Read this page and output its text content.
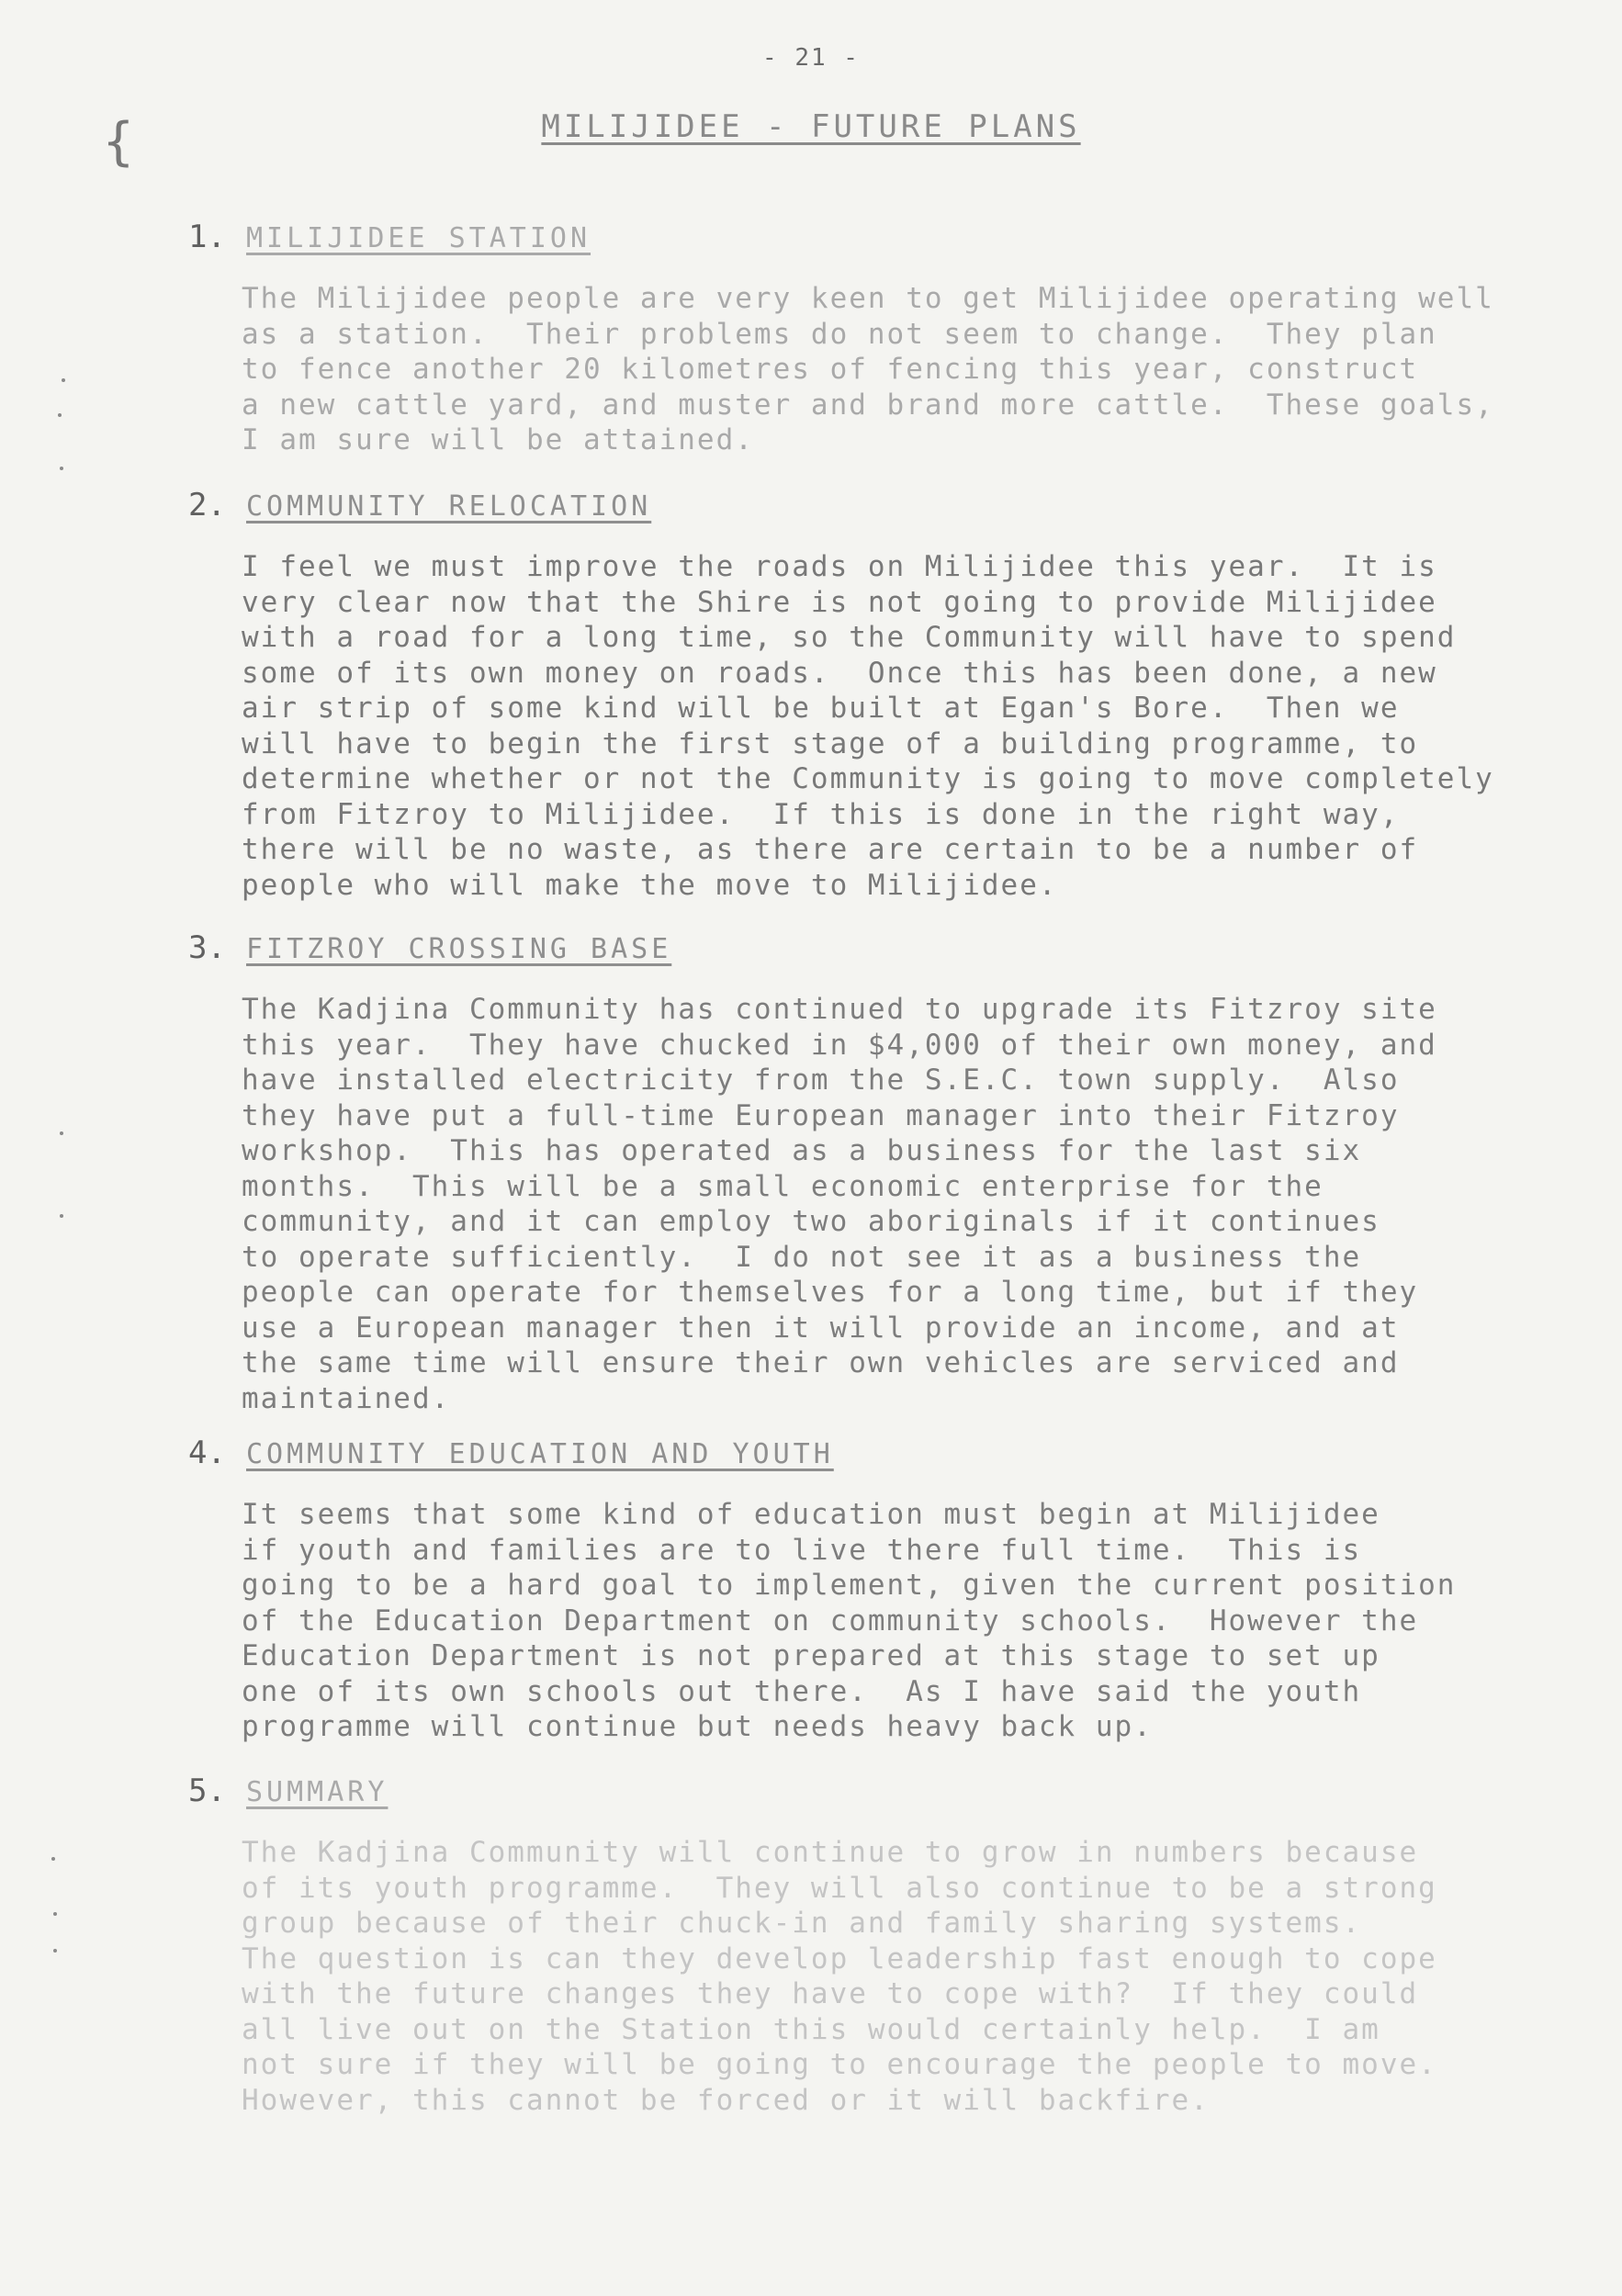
- 21 -
MILIJIDEE - FUTURE PLANS
{
1. MILIJIDEE STATION
The Milijidee people are very keen to get Milijidee operating well
as a station.  Their problems do not seem to change.  They plan
to fence another 20 kilometres of fencing this year, construct
a new cattle yard, and muster and brand more cattle.  These goals,
I am sure will be attained.
2. COMMUNITY RELOCATION
I feel we must improve the roads on Milijidee this year.  It is
very clear now that the Shire is not going to provide Milijidee
with a road for a long time, so the Community will have to spend
some of its own money on roads.  Once this has been done, a new
air strip of some kind will be built at Egan's Bore.  Then we
will have to begin the first stage of a building programme, to
determine whether or not the Community is going to move completely
from Fitzroy to Milijidee.  If this is done in the right way,
there will be no waste, as there are certain to be a number of
people who will make the move to Milijidee.
3. FITZROY CROSSING BASE
The Kadjina Community has continued to upgrade its Fitzroy site
this year.  They have chucked in $4,000 of their own money, and
have installed electricity from the S.E.C. town supply.  Also
they have put a full-time European manager into their Fitzroy
workshop.  This has operated as a business for the last six
months.  This will be a small economic enterprise for the
community, and it can employ two aboriginals if it continues
to operate sufficiently.  I do not see it as a business the
people can operate for themselves for a long time, but if they
use a European manager then it will provide an income, and at
the same time will ensure their own vehicles are serviced and
maintained.
4. COMMUNITY EDUCATION AND YOUTH
It seems that some kind of education must begin at Milijidee
if youth and families are to live there full time.  This is
going to be a hard goal to implement, given the current position
of the Education Department on community schools.  However the
Education Department is not prepared at this stage to set up
one of its own schools out there.  As I have said the youth
programme will continue but needs heavy back up.
5. SUMMARY
The Kadjina Community will continue to grow in numbers because
of its youth programme.  They will also continue to be a strong
group because of their chuck-in and family sharing systems.
The question is can they develop leadership fast enough to cope
with the future changes they have to cope with?  If they could
all live out on the Station this would certainly help.  I am
not sure if they will be going to encourage the people to move.
However, this cannot be forced or it will backfire.
